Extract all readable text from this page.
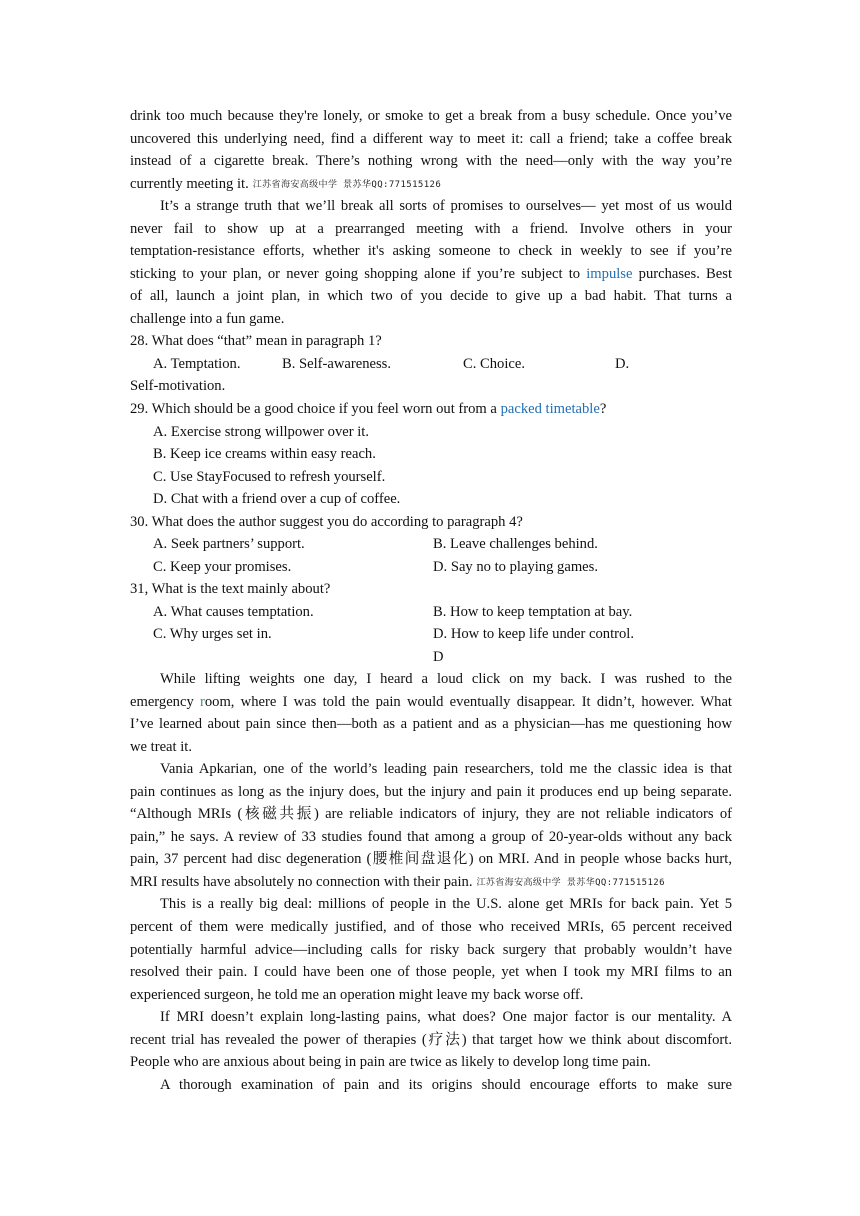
drink too much because they're lonely, or smoke to get a break from a busy schedule. Once you’ve
uncovered this underlying need, find a different way to meet it: call a friend; take a coffee break
instead of a cigarette break. There’s nothing wrong with the need—only with the way you’re
currently meeting it. 江苏省海安高级中学 景苏华QQ:771515126
It’s a strange truth that we’ll break all sorts of promises to ourselves— yet most of us would
never fail to show up at a prearranged meeting with a friend. Involve others in your
temptation-resistance efforts, whether it's asking someone to check in weekly to see if you’re
sticking to your plan, or never going shopping alone if you’re subject to impulse purchases. Best
of all, launch a joint plan, in which two of you decide to give up a bad habit. That turns a
challenge into a fun game.
28. What does “that” mean in paragraph 1?
A. Temptation.	B. Self-awareness.	C. Choice.	D.
Self-motivation.
29. Which should be a good choice if you feel worn out from a packed timetable?
A. Exercise strong willpower over it.
B. Keep ice creams within easy reach.
C. Use StayFocused to refresh yourself.
D. Chat with a friend over a cup of coffee.
30. What does the author suggest you do according to paragraph 4?
A. Seek partners’ support.	B. Leave challenges behind.
C. Keep your promises.	D. Say no to playing games.
31, What is the text mainly about?
A. What causes temptation.	B. How to keep temptation at bay.
C. Why urges set in.	D. How to keep life under control.
D
While lifting weights one day, I heard a loud click on my back. I was rushed to the
emergency room, where I was told the pain would eventually disappear. It didn’t, however. What
I’ve learned about pain since then—both as a patient and as a physician—has me questioning how
we treat it.
Vania Apkarian, one of the world’s leading pain researchers, told me the classic idea is that
pain continues as long as the injury does, but the injury and pain it produces end up being separate.
“Although MRIs (核磁共振) are reliable indicators of injury, they are not reliable indicators of
pain,” he says. A review of 33 studies found that among a group of 20-year-olds without any back
pain, 37 percent had disc degeneration (腰椎间盘退化) on MRI. And in people whose backs hurt,
MRI results have absolutely no connection with their pain. 江苏省海安高级中学 景苏华QQ:771515126
This is a really big deal: millions of people in the U.S. alone get MRIs for back pain. Yet 5
percent of them were medically justified, and of those who received MRIs, 65 percent received
potentially harmful advice—including calls for risky back surgery that probably wouldn’t have
resolved their pain. I could have been one of those people, yet when I took my MRI films to an
experienced surgeon, he told me an operation might leave my back worse off.
If MRI doesn’t explain long-lasting pains, what does? One major factor is our mentality. A
recent trial has revealed the power of therapies (疗法) that target how we think about discomfort.
People who are anxious about being in pain are twice as likely to develop long time pain.
A thorough examination of pain and its origins should encourage efforts to make sure
